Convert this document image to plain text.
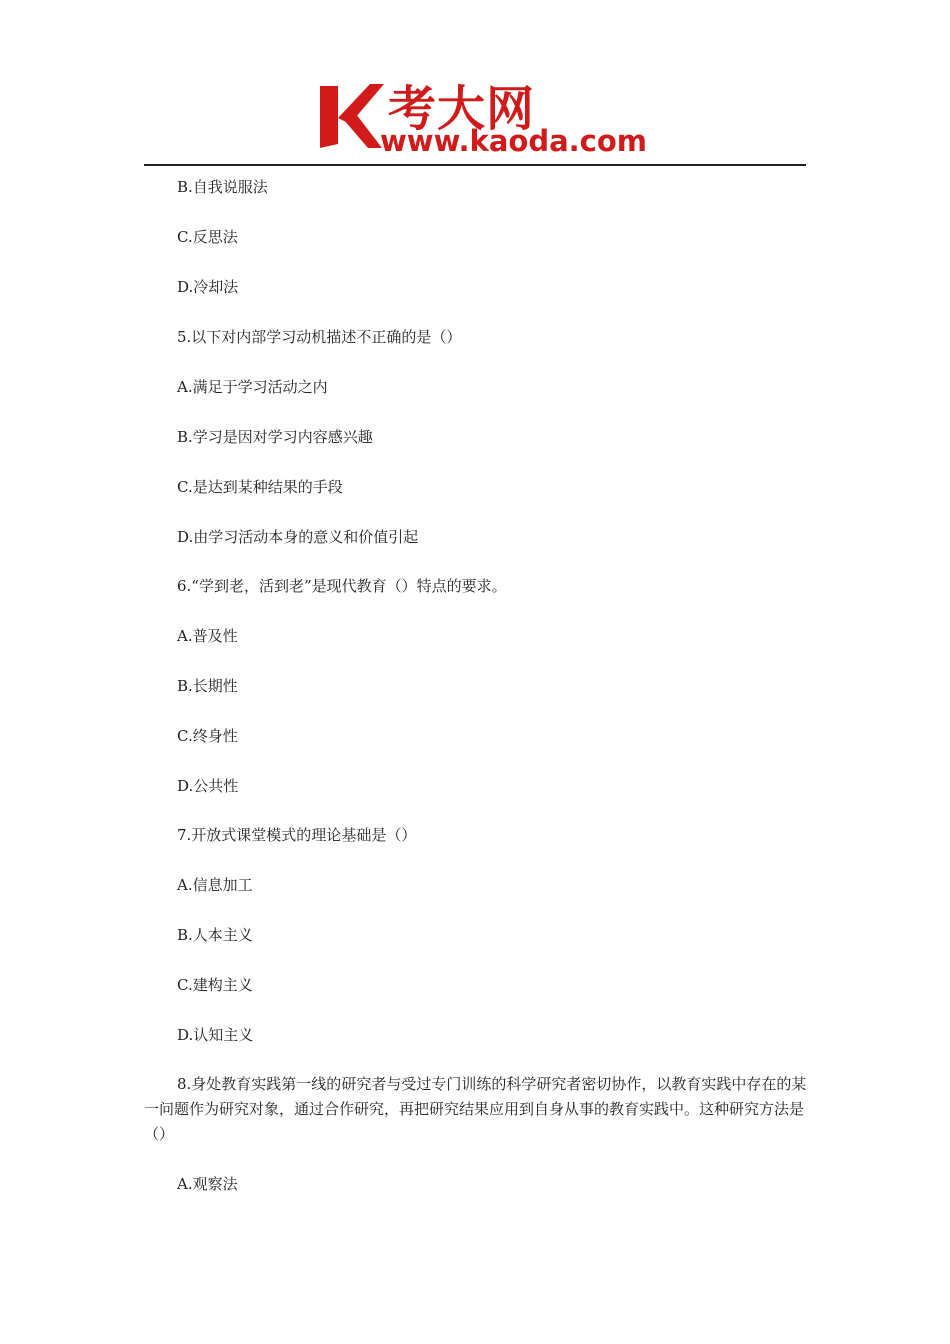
考大网
www.kaoda.com
B.自我说服法
C.反思法
D.冷却法
5.以下对内部学习动机描述不正确的是（）
A.满足于学习活动之内
B.学习是因对学习内容感兴趣
C.是达到某种结果的手段
D.由学习活动本身的意义和价值引起
6.“学到老，活到老”是现代教育（）特点的要求。
A.普及性
B.长期性
C.终身性
D.公共性
7.开放式课堂模式的理论基础是（）
A.信息加工
B.人本主义
C.建构主义
D.认知主义
8.身处教育实践第一线的研究者与受过专门训练的科学研究者密切协作，以教育实践中存在的某一问题作为研究对象，通过合作研究，再把研究结果应用到自身从事的教育实践中。这种研究方法是（）
A.观察法
